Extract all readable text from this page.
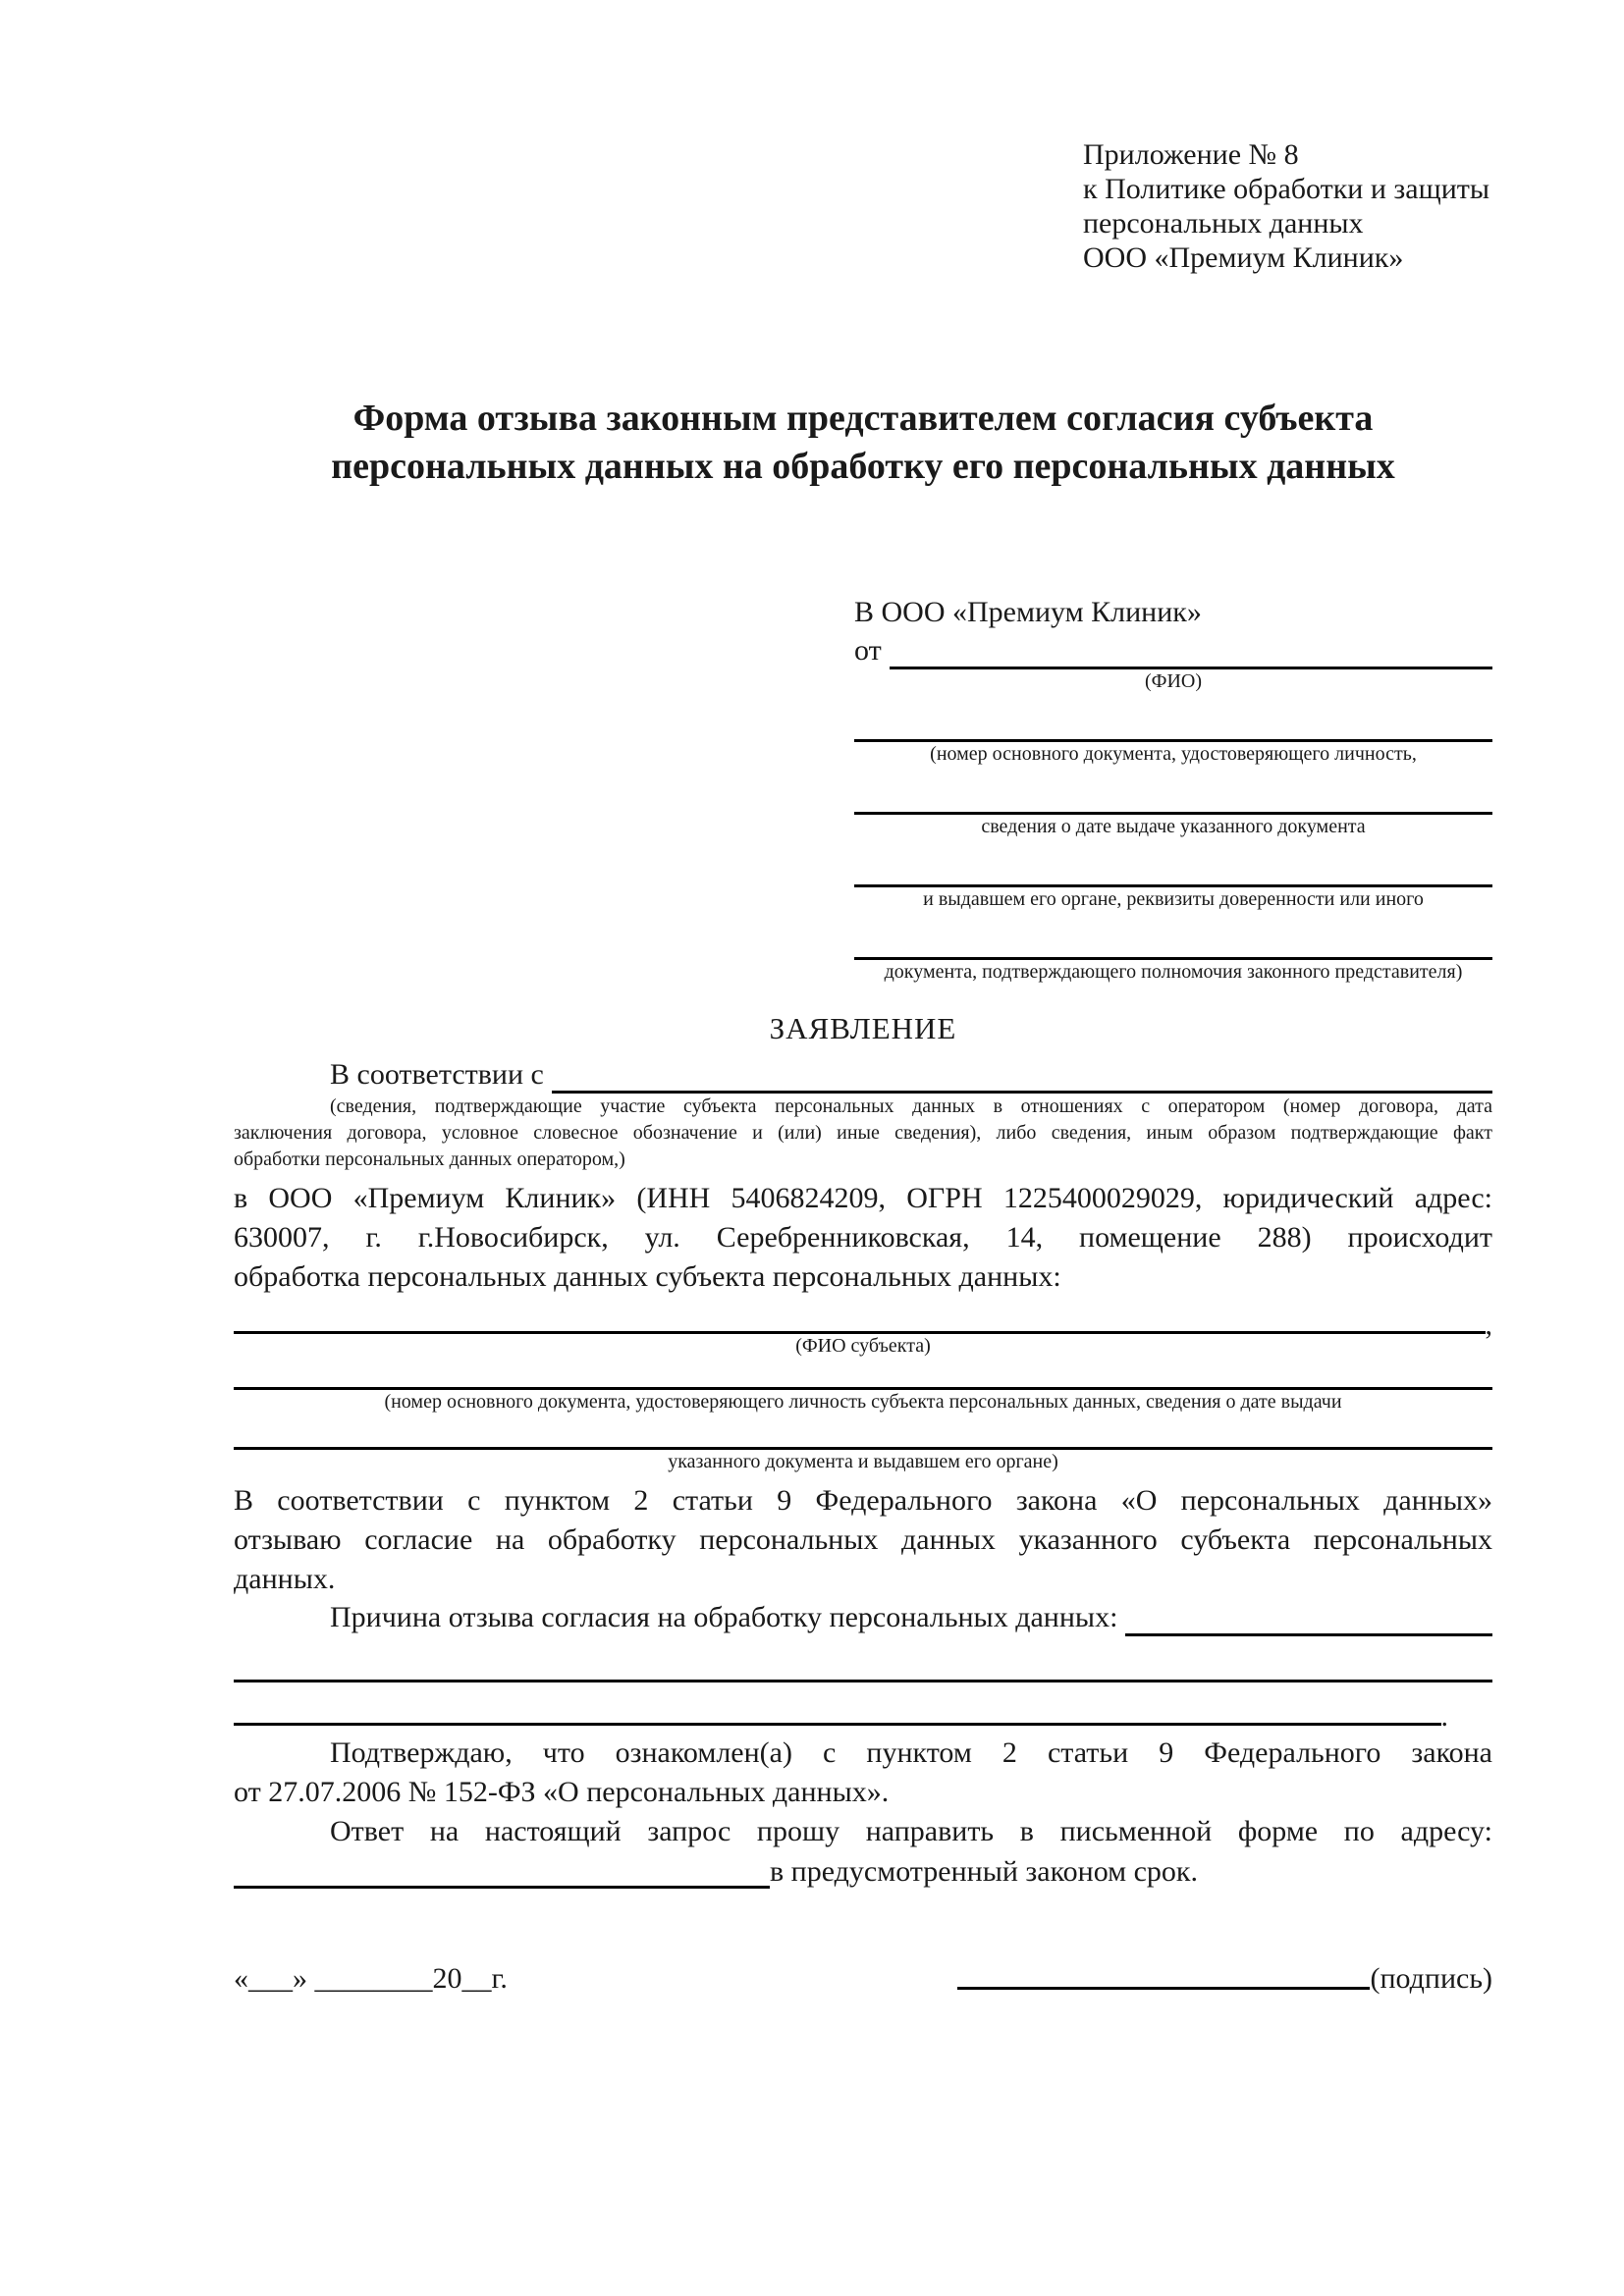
Приложение № 8
к Политике обработки и защиты
персональных данных
ООО «Премиум Клиник»
Форма отзыва законным представителем согласия субъекта
персональных данных на обработку его персональных данных
В ООО «Премиум Клиник»
от
(ФИО)
(номер основного документа, удостоверяющего личность,
сведения о дате выдаче указанного документа
и выдавшем его органе, реквизиты доверенности или иного
документа, подтверждающего полномочия законного представителя)
ЗАЯВЛЕНИЕ
В соответствии с
(сведения, подтверждающие участие субъекта персональных данных в отношениях с оператором (номер договора, дата
заключения договора, условное словесное обозначение и (или) иные сведения), либо сведения, иным образом подтверждающие факт
обработки персональных данных оператором,)
в ООО «Премиум Клиник» (ИНН 5406824209, ОГРН 1225400029029, юридический адрес:
630007, г. г.Новосибирск, ул. Серебренниковская, 14, помещение 288) происходит
обработка персональных данных субъекта персональных данных:
,
(ФИО субъекта)
(номер основного документа, удостоверяющего личность субъекта персональных данных, сведения о дате выдачи
указанного документа и выдавшем его органе)
В соответствии с пунктом 2 статьи 9 Федерального закона «О персональных данных»
отзываю согласие на обработку персональных данных указанного субъекта персональных
данных.
Причина отзыва согласия на обработку персональных данных:
.
Подтверждаю, что ознакомлен(а) с пунктом 2 статьи 9 Федерального закона
от 27.07.2006 № 152-ФЗ «О персональных данных».
Ответ на настоящий запрос прошу направить в письменной форме по адресу:
в предусмотренный законом срок.
«___» ________20__г.	(подпись)
